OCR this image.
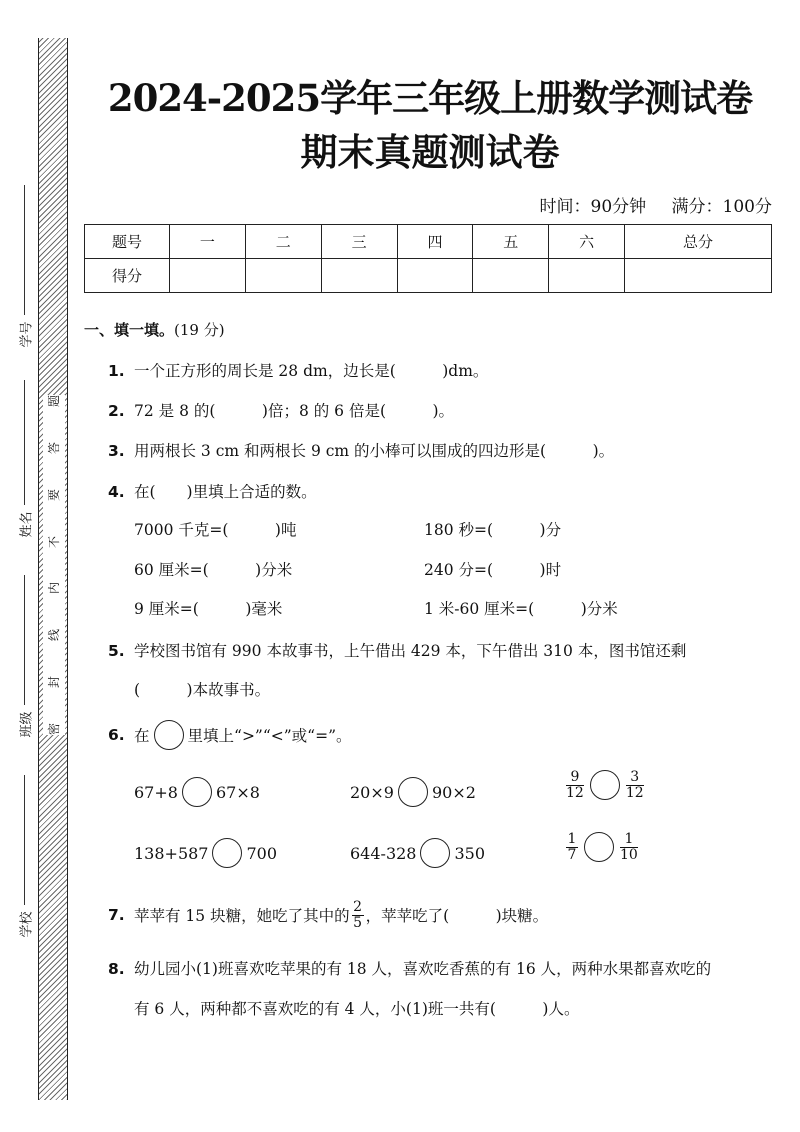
题
答
要
不
内
线
封
密
学号
姓名
班级
学校
2024-2025学年三年级上册数学测试卷
期末真题测试卷
时间：90分钟 满分：100分
题号	一	二	三	四	五	六	总分
得分							
一、填一填。(19 分)
1. 一个正方形的周长是 28 dm，边长是(　　　)dm。
2. 72 是 8 的(　　　)倍；8 的 6 倍是(　　　)。
3. 用两根长 3 cm 和两根长 9 cm 的小棒可以围成的四边形是(　　　)。
4. 在(　　)里填上合适的数。
7000 千克=(　　　)吨	180 秒=(　　　)分
60 厘米=(　　　)分米	240 分=(　　　)时
9 厘米=(　　　)毫米	1 米-60 厘米=(　　　)分米
5. 学校图书馆有 990 本故事书，上午借出 429 本，下午借出 310 本，图书馆还剩
(　　　)本故事书。
6. 在 里填上“>”“<”或“=”。
67+8 67×8	20×9 90×2	$\frac{9}{12}$	$\frac{3}{12}$
138+587 700	644-328 350	$\frac{1}{7}$	$\frac{1}{10}$
7. 苹苹有 15 块糖，她吃了其中的 $\frac{2}{5}$ ，苹苹吃了(　　　)块糖。
8. 幼儿园小(1)班喜欢吃苹果的有 18 人，喜欢吃香蕉的有 16 人，两种水果都喜欢吃的
有 6 人，两种都不喜欢吃的有 4 人，小(1)班一共有(　　　)人。
